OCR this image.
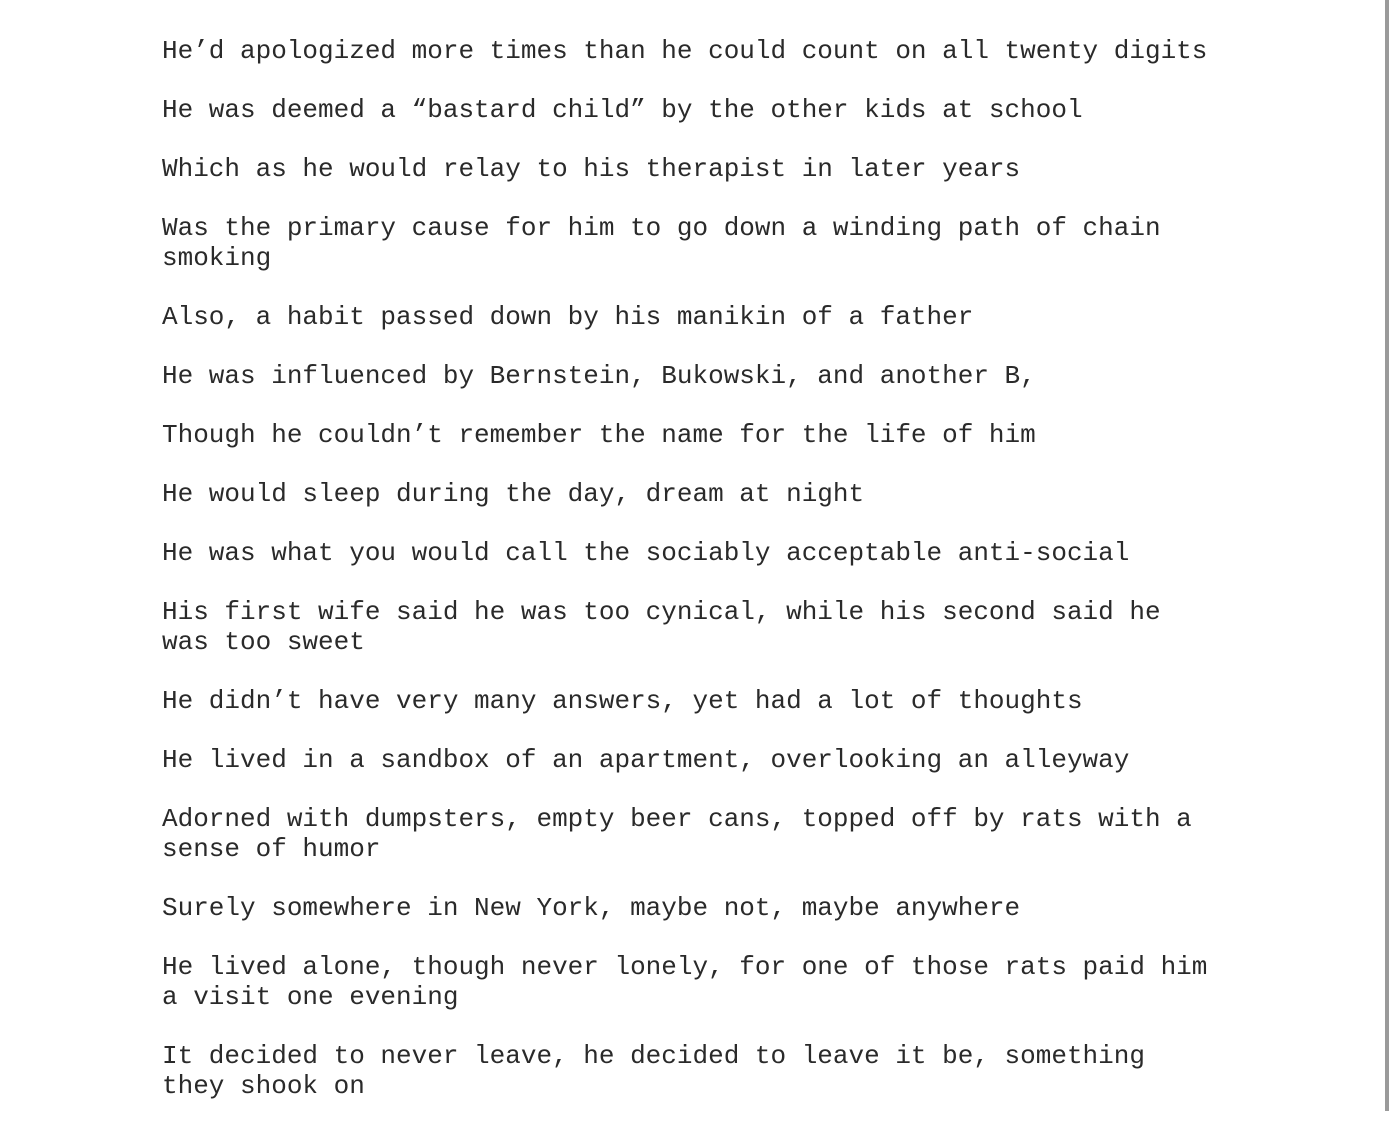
He’d apologized more times than he could count on all twenty digits

He was deemed a “bastard child” by the other kids at school

Which as he would relay to his therapist in later years

Was the primary cause for him to go down a winding path of chain smoking

Also, a habit passed down by his manikin of a father

He was influenced by Bernstein, Bukowski, and another B,

Though he couldn’t remember the name for the life of him

He would sleep during the day, dream at night

He was what you would call the sociably acceptable anti-social

His first wife said he was too cynical, while his second said he was too sweet

He didn’t have very many answers, yet had a lot of thoughts

He lived in a sandbox of an apartment, overlooking an alleyway

Adorned with dumpsters, empty beer cans, topped off by rats with a sense of humor

Surely somewhere in New York, maybe not, maybe anywhere

He lived alone, though never lonely, for one of those rats paid him a visit one evening

It decided to never leave, he decided to leave it be, something they shook on
